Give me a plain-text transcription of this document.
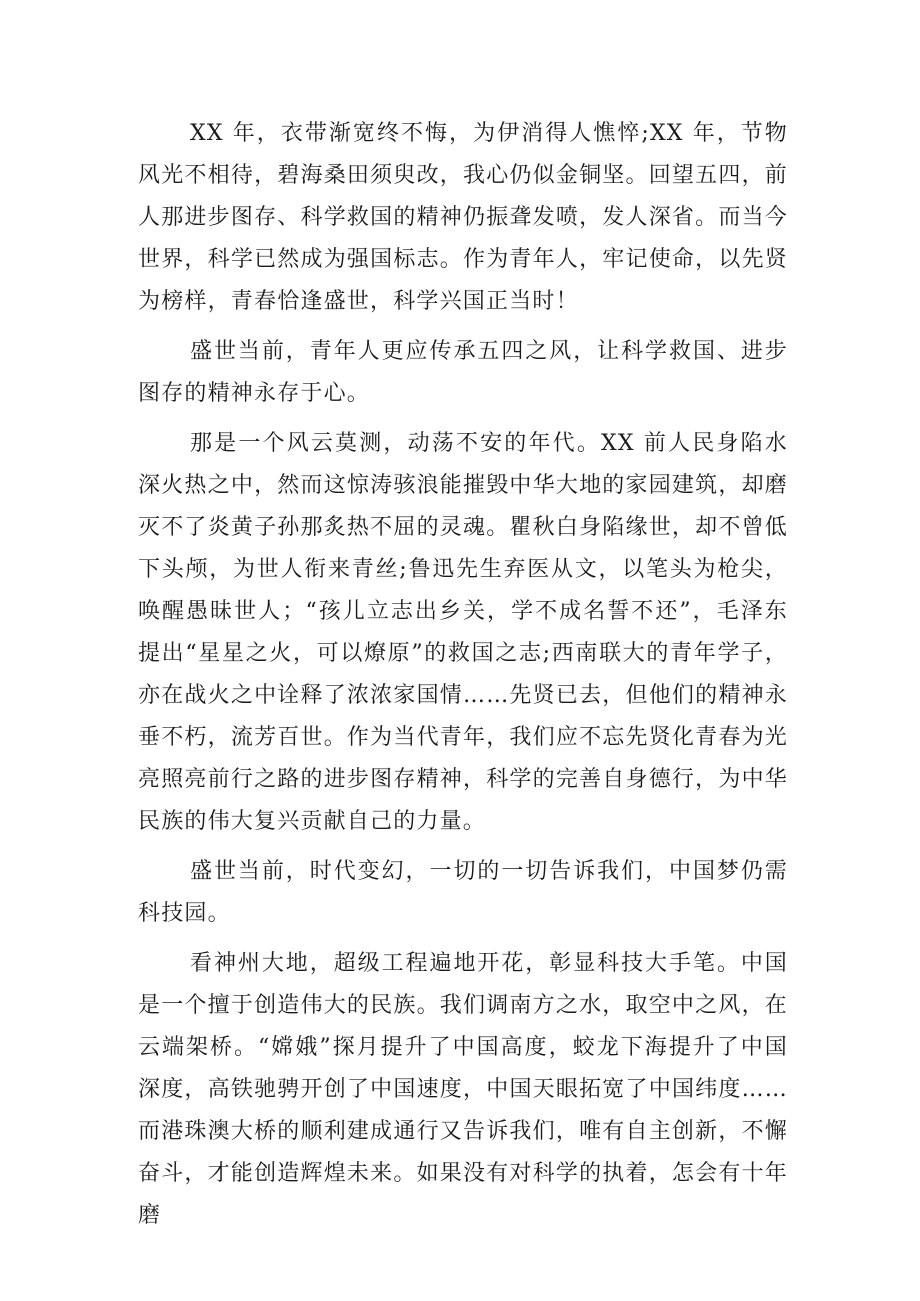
XX 年，衣带渐宽终不悔，为伊消得人憔悴;XX 年，节物风光不相待，碧海桑田须臾改，我心仍似金铜坚。回望五四，前人那进步图存、科学救国的精神仍振聋发喷，发人深省。而当今世界，科学已然成为强国标志。作为青年人，牢记使命，以先贤为榜样，青春恰逢盛世，科学兴国正当时！

盛世当前，青年人更应传承五四之风，让科学救国、进步图存的精神永存于心。

那是一个风云莫测，动荡不安的年代。XX 前人民身陷水深火热之中，然而这惊涛骇浪能摧毁中华大地的家园建筑，却磨灭不了炎黄子孙那炙热不屈的灵魂。瞿秋白身陷缘世，却不曾低下头颅，为世人衔来青丝;鲁迅先生弃医从文，以笔头为枪尖，唤醒愚昧世人；“孩儿立志出乡关，学不成名誓不还”，毛泽东提出“星星之火，可以燎原”的救国之志;西南联大的青年学子，亦在战火之中诠释了浓浓家国情……先贤已去，但他们的精神永垂不朽，流芳百世。作为当代青年，我们应不忘先贤化青春为光亮照亮前行之路的进步图存精神，科学的完善自身德行，为中华民族的伟大复兴贡献自己的力量。

盛世当前，时代变幻，一切的一切告诉我们，中国梦仍需科技园。

看神州大地，超级工程遍地开花，彰显科技大手笔。中国是一个擅于创造伟大的民族。我们调南方之水，取空中之风，在云端架桥。“嫦娥”探月提升了中国高度，蛟龙下海提升了中国深度，高铁驰骋开创了中国速度，中国天眼拓宽了中国纬度……而港珠澳大桥的顺利建成通行又告诉我们，唯有自主创新，不懈奋斗，才能创造辉煌未来。如果没有对科学的执着，怎会有十年磨
